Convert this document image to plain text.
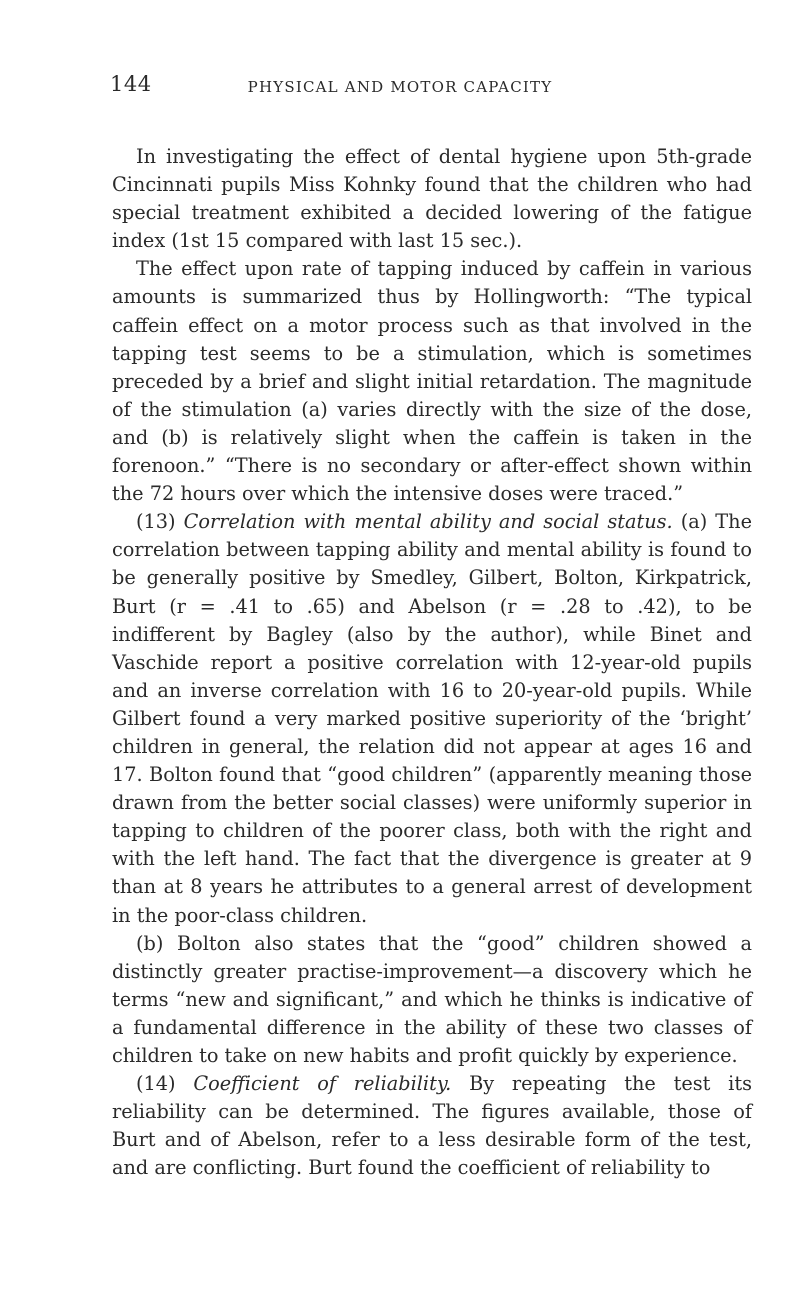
144	PHYSICAL AND MOTOR CAPACITY

In investigating the effect of dental hygiene upon 5th-grade Cincinnati pupils Miss Kohnky found that the children who had special treatment exhibited a decided lowering of the fatigue index (1st 15 compared with last 15 sec.).

The effect upon rate of tapping induced by caffein in various amounts is summarized thus by Hollingworth: “The typical caffein effect on a motor process such as that involved in the tapping test seems to be a stimulation, which is sometimes preceded by a brief and slight initial retardation. The magnitude of the stimulation (a) varies directly with the size of the dose, and (b) is relatively slight when the caffein is taken in the forenoon.” “There is no secondary or after-effect shown within the 72 hours over which the intensive doses were traced.”

(13) Correlation with mental ability and social status. (a) The correlation between tapping ability and mental ability is found to be generally positive by Smedley, Gilbert, Bolton, Kirkpatrick, Burt (r = .41 to .65) and Abelson (r = .28 to .42), to be indifferent by Bagley (also by the author), while Binet and Vaschide report a positive correlation with 12-year-old pupils and an inverse correlation with 16 to 20-year-old pupils. While Gilbert found a very marked positive superiority of the ‘bright’ children in general, the relation did not appear at ages 16 and 17. Bolton found that “good children” (apparently meaning those drawn from the better social classes) were uniformly superior in tapping to children of the poorer class, both with the right and with the left hand. The fact that the divergence is greater at 9 than at 8 years he attributes to a general arrest of development in the poor-class children.

(b) Bolton also states that the “good” children showed a distinctly greater practise-improvement—a discovery which he terms “new and significant,” and which he thinks is indicative of a fundamental difference in the ability of these two classes of children to take on new habits and profit quickly by experience.

(14) Coefficient of reliability. By repeating the test its reliability can be determined. The figures available, those of Burt and of Abelson, refer to a less desirable form of the test, and are conflicting. Burt found the coefficient of reliability to
